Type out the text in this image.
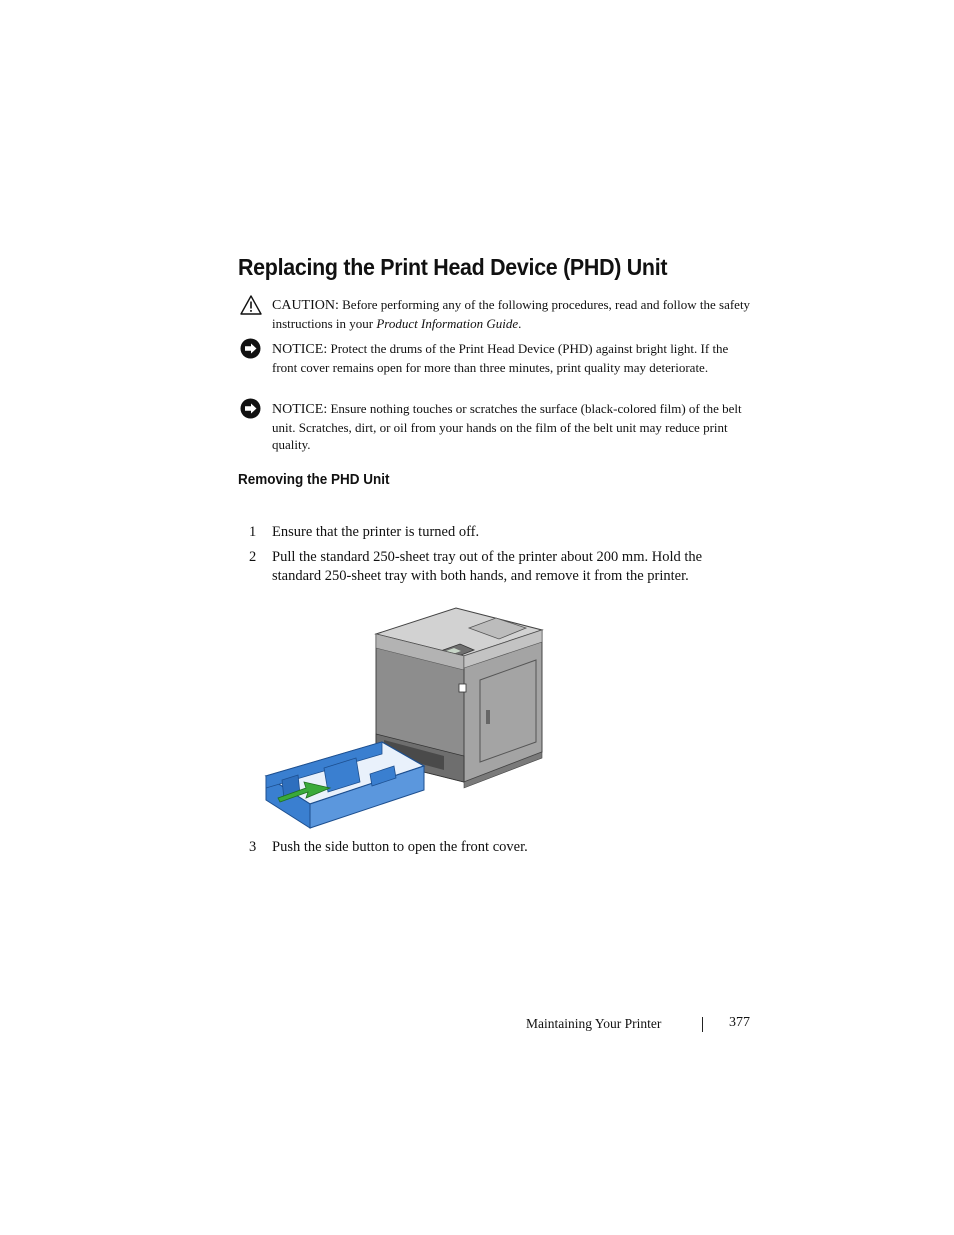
Replacing the Print Head Device (PHD) Unit
CAUTION: Before performing any of the following procedures, read and follow the safety instructions in your Product Information Guide.
NOTICE: Protect the drums of the Print Head Device (PHD) against bright light. If the front cover remains open for more than three minutes, print quality may deteriorate.
NOTICE: Ensure nothing touches or scratches the surface (black-colored film) of the belt unit. Scratches, dirt, or oil from your hands on the film of the belt unit may reduce print quality.
Removing the PHD Unit
1 Ensure that the printer is turned off.
2 Pull the standard 250-sheet tray out of the printer about 200 mm. Hold the standard 250-sheet tray with both hands, and remove it from the printer.
3 Push the side button to open the front cover.
Maintaining Your Printer	377
